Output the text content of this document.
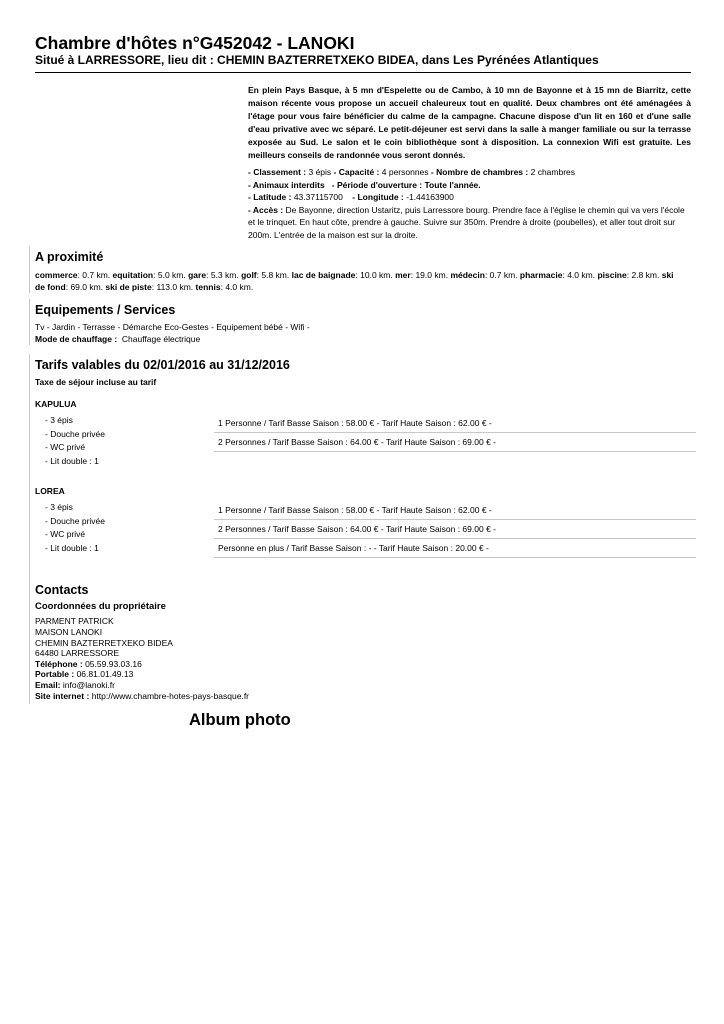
Chambre d'hôtes n°G452042 - LANOKI
Situé à LARRESSORE, lieu dit : CHEMIN BAZTERRETXEKO BIDEA, dans Les Pyrénées Atlantiques
En plein Pays Basque, à 5 mn d'Espelette ou de Cambo, à 10 mn de Bayonne et à 15 mn de Biarritz, cette maison récente vous propose un accueil chaleureux tout en qualité. Deux chambres ont été aménagées à l'étage pour vous faire bénéficier du calme de la campagne. Chacune dispose d'un lit en 160 et d'une salle d'eau privative avec wc séparé. Le petit-déjeuner est servi dans la salle à manger familiale ou sur la terrasse exposée au Sud. Le salon et le coin bibliothèque sont à disposition. La connexion Wifi est gratuite. Les meilleurs conseils de randonnée vous seront donnés.
- Classement : 3 épis - Capacité : 4 personnes - Nombre de chambres : 2 chambres
- Animaux interdits - Période d'ouverture : Toute l'année.
- Latitude : 43.37115700 - Longitude : -1.44163900
- Accès : De Bayonne, direction Ustaritz, puis Larressore bourg. Prendre face à l'église le chemin qui va vers l'école et le trinquet. En haut côte, prendre à gauche. Suivre sur 350m. Prendre à droite (poubelles), et aller tout droit sur 200m. L'entrée de la maison est sur la droite.
A proximité
commerce: 0.7 km. equitation: 5.0 km. gare: 5.3 km. golf: 5.8 km. lac de baignade: 10.0 km. mer: 19.0 km. médecin: 0.7 km. pharmacie: 4.0 km. piscine: 2.8 km. ski de fond: 69.0 km. ski de piste: 113.0 km. tennis: 4.0 km.
Equipements / Services
Tv - Jardin - Terrasse - Démarche Eco-Gestes - Equipement bébé - Wifi -
Mode de chauffage : Chauffage électrique
Tarifs valables du 02/01/2016 au 31/12/2016
Taxe de séjour incluse au tarif
KAPULUA
- 3 épis
- Douche privée
- WC privé
- Lit double : 1
1 Personne / Tarif Basse Saison : 58.00 € - Tarif Haute Saison : 62.00 € -
2 Personnes / Tarif Basse Saison : 64.00 € - Tarif Haute Saison : 69.00 € -
LOREA
- 3 épis
- Douche privée
- WC privé
- Lit double : 1
1 Personne / Tarif Basse Saison : 58.00 € - Tarif Haute Saison : 62.00 € -
2 Personnes / Tarif Basse Saison : 64.00 € - Tarif Haute Saison : 69.00 € -
Personne en plus / Tarif Basse Saison : - - Tarif Haute Saison : 20.00 € -
Contacts
Coordonnées du propriétaire
PARMENT PATRICK
MAISON LANOKI
CHEMIN BAZTERRETXEKO BIDEA
64480 LARRESSORE
Téléphone : 05.59.93.03.16
Portable : 06.81.01.49.13
Email: info@lanoki.fr
Site internet : http://www.chambre-hotes-pays-basque.fr
Album photo
